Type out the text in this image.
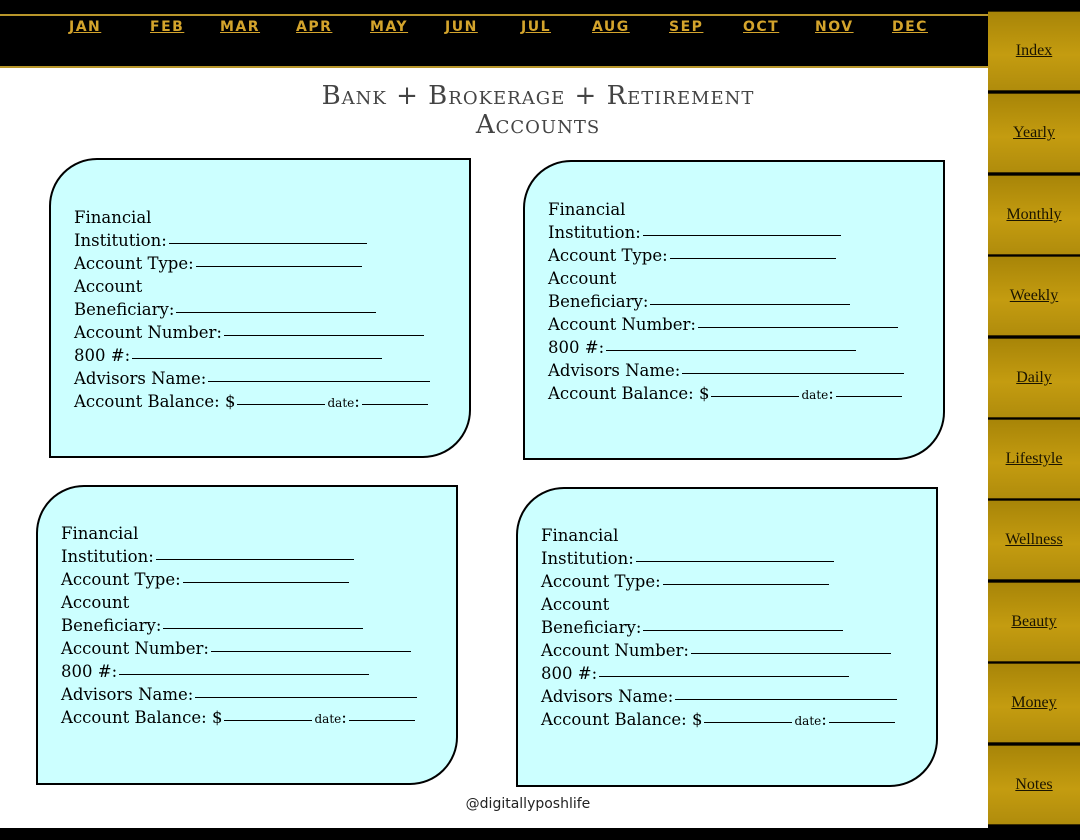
JAN	FEB	MAR	APR	MAY	JUN	JUL	AUG	SEP	OCT	NOV	DEC
Index
Yearly
Monthly
Weekly
Daily
Lifestyle
Wellness
Beauty
Money
Notes
Bank + Brokerage + Retirement
Accounts
Financial
Institution:
Account Type:
Account
Beneficiary:
Account Number:
800 #:
Advisors Name:
Account Balance: $	date :
Financial
Institution:
Account Type:
Account
Beneficiary:
Account Number:
800 #:
Advisors Name:
Account Balance: $	date :
Financial
Institution:
Account Type:
Account
Beneficiary:
Account Number:
800 #:
Advisors Name:
Account Balance: $	date :
Financial
Institution:
Account Type:
Account
Beneficiary:
Account Number:
800 #:
Advisors Name:
Account Balance: $	date :
@digitallyposhlife
